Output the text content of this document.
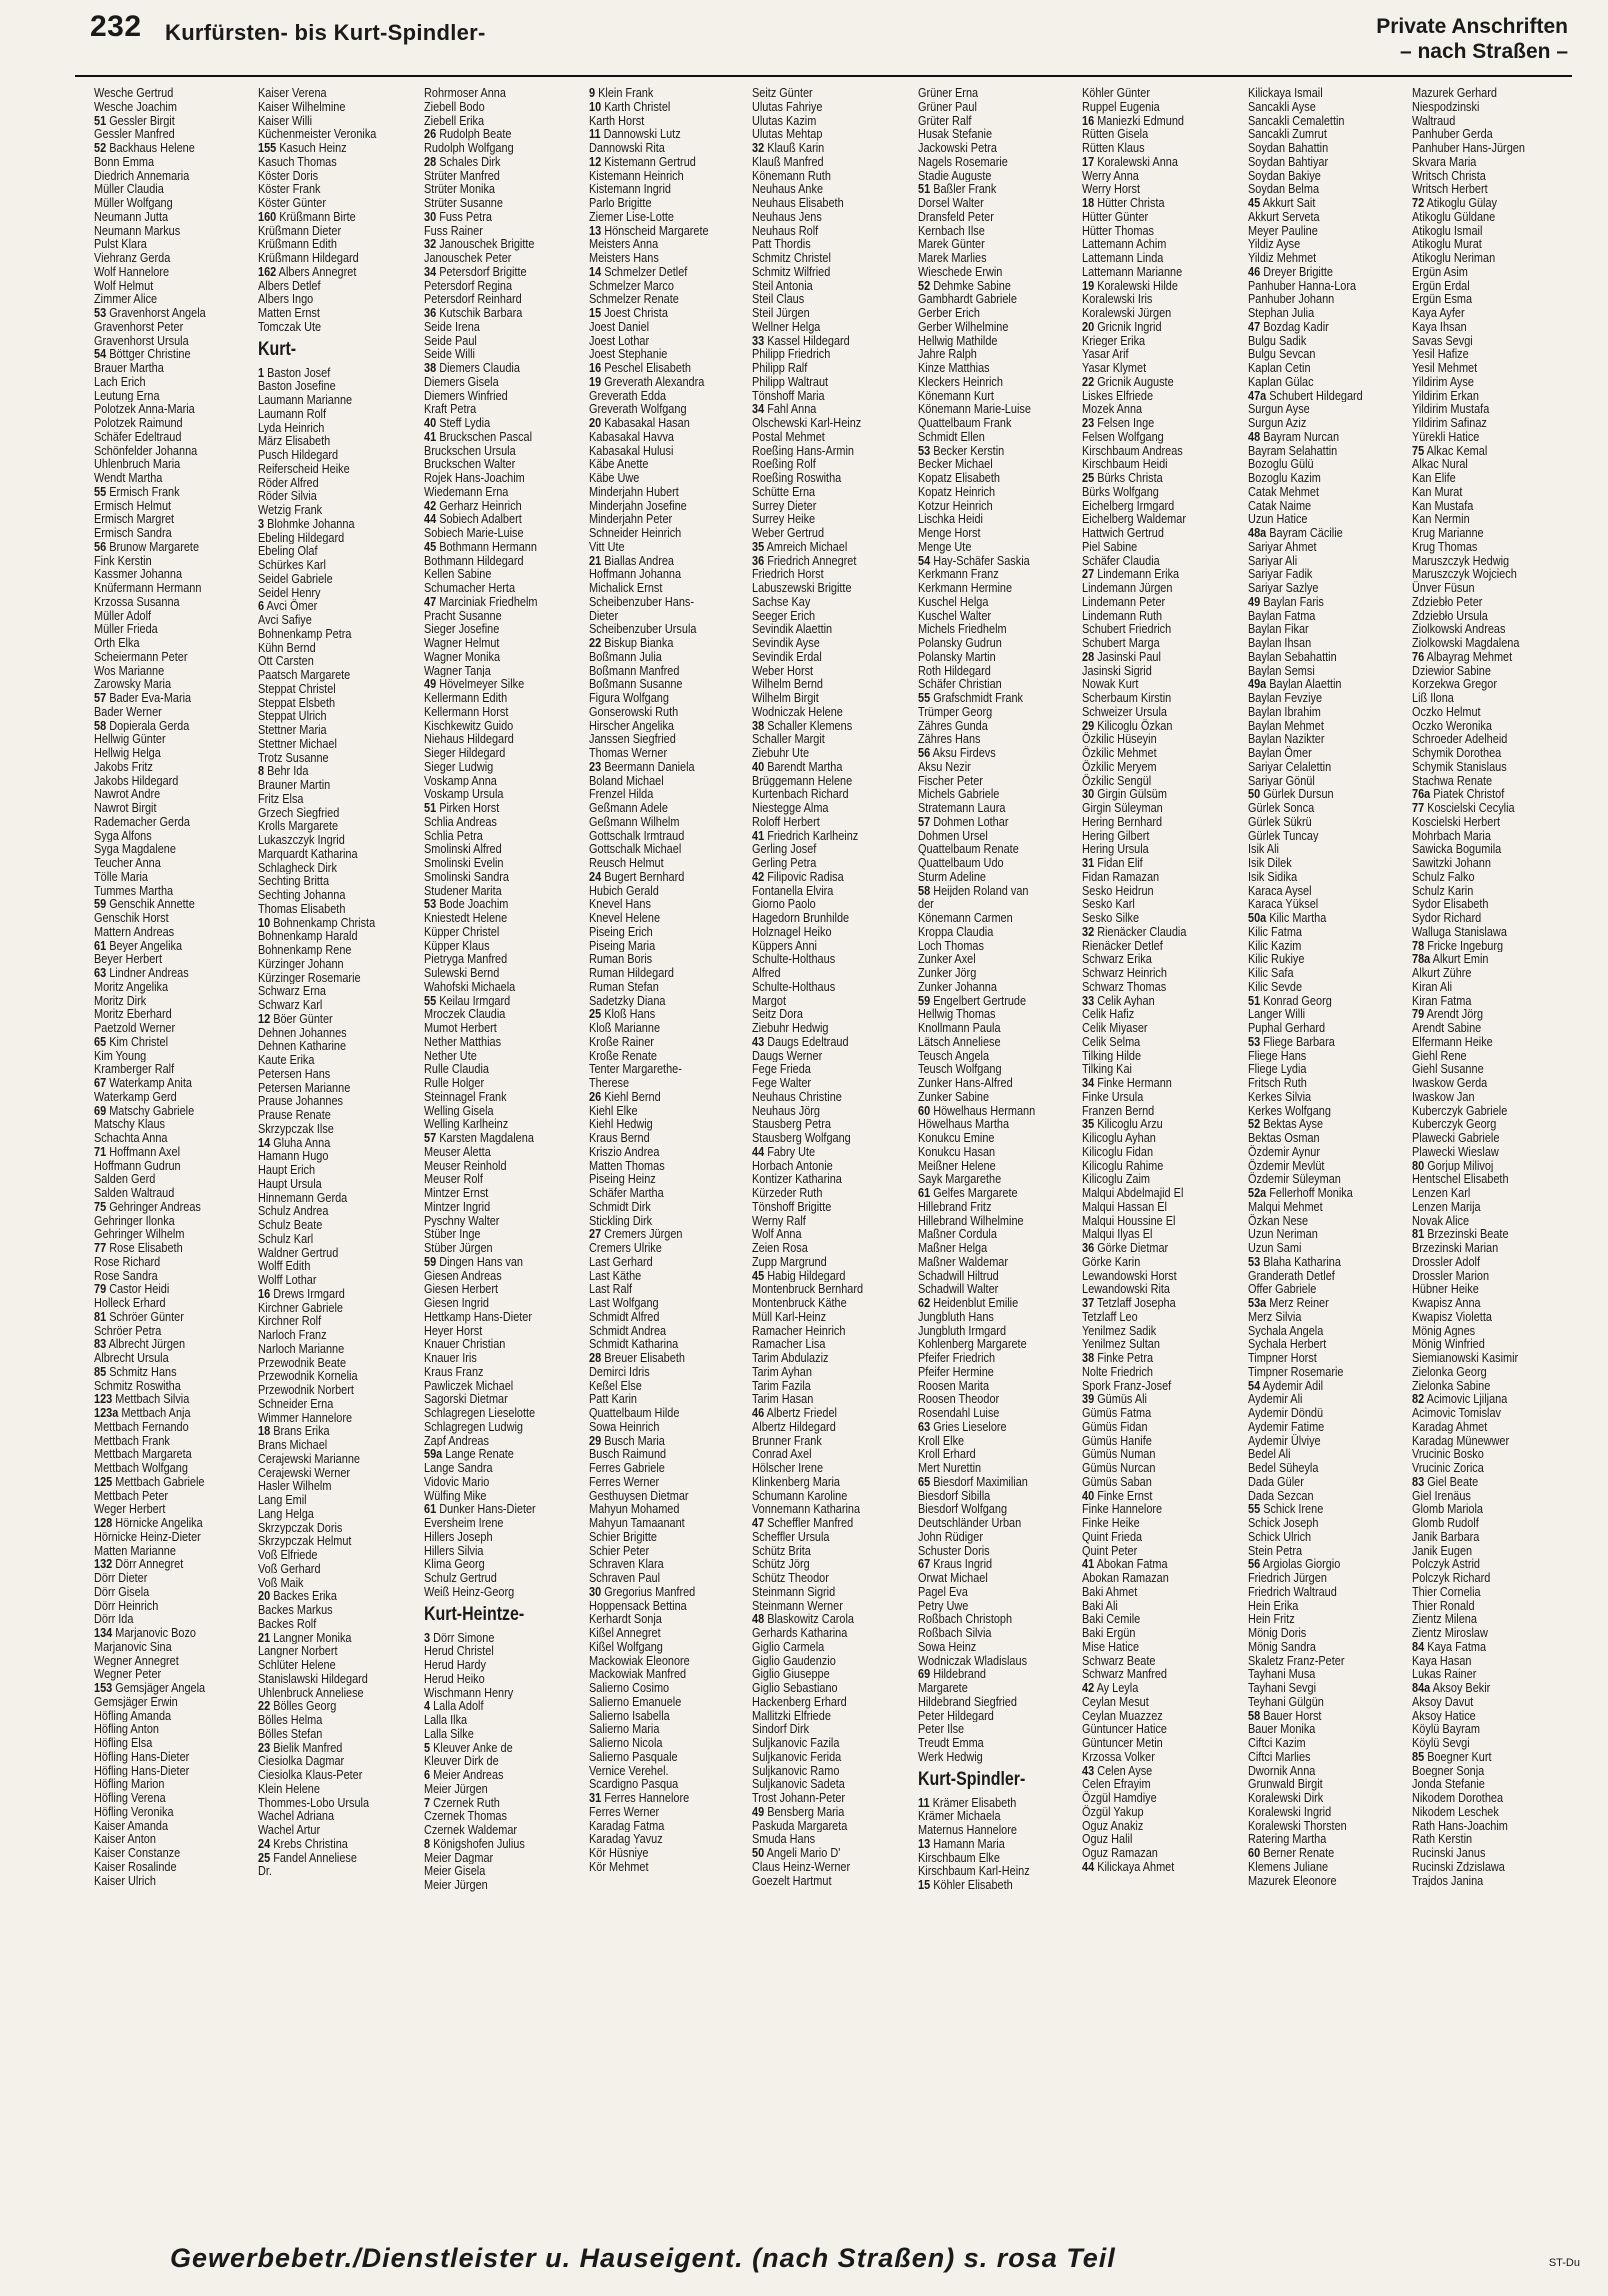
232 Kurfürsten- bis Kurt-Spindler-	Private Anschriften
– nach Straßen –
Wesche Gertrud
Wesche Joachim
51 Gessler Birgit
Gessler Manfred
52 Backhaus Helene
Bonn Emma
Diedrich Annemaria
Müller Claudia
Müller Wolfgang
Neumann Jutta
Neumann Markus
Pulst Klara
Viehranz Gerda
Wolf Hannelore
Wolf Helmut
Zimmer Alice
53 Gravenhorst Angela
Gravenhorst Peter
Gravenhorst Ursula
54 Böttger Christine
Brauer Martha
Lach Erich
Leutung Erna
Polotzek Anna-Maria
Polotzek Raimund
Schäfer Edeltraud
Schönfelder Johanna
Uhlenbruch Maria
Wendt Martha
55 Ermisch Frank
Ermisch Helmut
Ermisch Margret
Ermisch Sandra
56 Brunow Margarete
Fink Kerstin
Kassmer Johanna
Knüfermann Hermann
Krzossa Susanna
Müller Adolf
Müller Frieda
Orth Elka
Scheiermann Peter
Wos Marianne
Zarowsky Maria
57 Bader Eva-Maria
Bader Werner
58 Dopierala Gerda
Hellwig Günter
Hellwig Helga
Jakobs Fritz
Jakobs Hildegard
Nawrot Andre
Nawrot Birgit
Rademacher Gerda
Syga Alfons
Syga Magdalene
Teucher Anna
Tölle Maria
Tummes Martha
59 Genschik Annette
Genschik Horst
Mattern Andreas
61 Beyer Angelika
Beyer Herbert
63 Lindner Andreas
Moritz Angelika
Moritz Dirk
Moritz Eberhard
Paetzold Werner
65 Kim Christel
Kim Young
Kramberger Ralf
67 Waterkamp Anita
Waterkamp Gerd
69 Matschy Gabriele
Matschy Klaus
Schachta Anna
71 Hoffmann Axel
Hoffmann Gudrun
Salden Gerd
Salden Waltraud
75 Gehringer Andreas
Gehringer Ilonka
Gehringer Wilhelm
77 Rose Elisabeth
Rose Richard
Rose Sandra
79 Castor Heidi
Holleck Erhard
81 Schröer Günter
Schröer Petra
83 Albrecht Jürgen
Albrecht Ursula
85 Schmitz Hans
Schmitz Roswitha
123 Mettbach Silvia
123a Mettbach Anja
Mettbach Fernando
Mettbach Frank
Mettbach Margareta
Mettbach Wolfgang
125 Mettbach Gabriele
Mettbach Peter
Weger Herbert
128 Hörnicke Angelika
Hörnicke Heinz-Dieter
Matten Marianne
132 Dörr Annegret
Dörr Dieter
Dörr Gisela
Dörr Heinrich
Dörr Ida
134 Marjanovic Bozo
Marjanovic Sina
Wegner Annegret
Wegner Peter
153 Gemsjäger Angela
Gemsjäger Erwin
Höfling Amanda
Höfling Anton
Höfling Elsa
Höfling Hans-Dieter
Höfling Hans-Dieter
Höfling Marion
Höfling Verena
Höfling Veronika
Kaiser Amanda
Kaiser Anton
Kaiser Constanze
Kaiser Rosalinde
Kaiser Ulrich
Kaiser Verena
Kaiser Wilhelmine
Kaiser Willi
Küchenmeister Veronika
155 Kasuch Heinz
Kasuch Thomas
Köster Doris
Köster Frank
Köster Günter
160 Krüßmann Birte
Krüßmann Dieter
Krüßmann Edith
Krüßmann Hildegard
162 Albers Annegret
Albers Detlef
Albers Ingo
Matten Ernst
Tomczak Ute
Kurt-
1 Baston Josef
Baston Josefine
Laumann Marianne
Laumann Rolf
Lyda Heinrich
März Elisabeth
Pusch Hildegard
Reiferscheid Heike
Röder Alfred
Röder Silvia
Wetzig Frank
3 Blohmke Johanna
Ebeling Hildegard
Ebeling Olaf
Schürkes Karl
Seidel Gabriele
Seidel Henry
6 Avci Ömer
Avci Safiye
Bohnenkamp Petra
Kühn Bernd
Ott Carsten
Paatsch Margarete
Steppat Christel
Steppat Elsbeth
Steppat Ulrich
Stettner Maria
Stettner Michael
Trotz Susanne
8 Behr Ida
Brauner Martin
Fritz Elsa
Grzech Siegfried
Krolls Margarete
Lukaszczyk Ingrid
Marquardt Katharina
Schlagheck Dirk
Sechting Britta
Sechting Johanna
Thomas Elisabeth
10 Bohnenkamp Christa
Bohnenkamp Harald
Bohnenkamp Rene
Kürzinger Johann
Kürzinger Rosemarie
Schwarz Erna
Schwarz Karl
12 Böer Günter
Dehnen Johannes
Dehnen Katharine
Kaute Erika
Petersen Hans
Petersen Marianne
Prause Johannes
Prause Renate
Skrzypczak Ilse
14 Gluha Anna
Hamann Hugo
Haupt Erich
Haupt Ursula
Hinnemann Gerda
Schulz Andrea
Schulz Beate
Schulz Karl
Waldner Gertrud
Wolff Edith
Wolff Lothar
16 Drews Irmgard
Kirchner Gabriele
Kirchner Rolf
Narloch Franz
Narloch Marianne
Przewodnik Beate
Przewodnik Kornelia
Przewodnik Norbert
Schneider Erna
Wimmer Hannelore
18 Brans Erika
Brans Michael
Cerajewski Marianne
Cerajewski Werner
Hasler Wilhelm
Lang Emil
Lang Helga
Skrzypczak Doris
Skrzypczak Helmut
Voß Elfriede
Voß Gerhard
Voß Maik
20 Backes Erika
Backes Markus
Backes Rolf
21 Langner Monika
Langner Norbert
Schlüter Helene
Stanislawski Hildegard
Uhlenbruck Anneliese
22 Bölles Georg
Bölles Helma
Bölles Stefan
23 Bielik Manfred
Ciesiolka Dagmar
Ciesiolka Klaus-Peter
Klein Helene
Thommes-Lobo Ursula
Wachel Adriana
Wachel Artur
24 Krebs Christina
25 Fandel Anneliese
Dr.
Rohrmoser Anna
Ziebell Bodo
Ziebell Erika
26 Rudolph Beate
Rudolph Wolfgang
28 Schales Dirk
Strüter Manfred
Strüter Monika
Strüter Susanne
30 Fuss Petra
Fuss Rainer
32 Janouschek Brigitte
Janouschek Peter
34 Petersdorf Brigitte
Petersdorf Regina
Petersdorf Reinhard
36 Kutschik Barbara
Seide Irena
Seide Paul
Seide Willi
38 Diemers Claudia
Diemers Gisela
Diemers Winfried
Kraft Petra
40 Steff Lydia
41 Bruckschen Pascal
Bruckschen Ursula
Bruckschen Walter
Rojek Hans-Joachim
Wiedemann Erna
42 Gerharz Heinrich
44 Sobiech Adalbert
Sobiech Marie-Luise
45 Bothmann Hermann
Bothmann Hildegard
Kellen Sabine
Schumacher Herta
47 Marciniak Friedhelm
Pracht Susanne
Sieger Josefine
Wagner Helmut
Wagner Monika
Wagner Tanja
49 Hövelmeyer Silke
Kellermann Edith
Kellermann Horst
Kischkewitz Guido
Niehaus Hildegard
Sieger Hildegard
Sieger Ludwig
Voskamp Anna
Voskamp Ursula
51 Pirken Horst
Schlia Andreas
Schlia Petra
Smolinski Alfred
Smolinski Evelin
Smolinski Sandra
Studener Marita
53 Bode Joachim
Kniestedt Helene
Küpper Christel
Küpper Klaus
Pietryga Manfred
Sulewski Bernd
Wahofski Michaela
55 Keilau Irmgard
Mroczek Claudia
Mumot Herbert
Nether Matthias
Nether Ute
Rulle Claudia
Rulle Holger
Steinnagel Frank
Welling Gisela
Welling Karlheinz
57 Karsten Magdalena
Meuser Aletta
Meuser Reinhold
Meuser Rolf
Mintzer Ernst
Mintzer Ingrid
Pyschny Walter
Stüber Inge
Stüber Jürgen
59 Dingen Hans van
Giesen Andreas
Giesen Herbert
Giesen Ingrid
Hettkamp Hans-Dieter
Heyer Horst
Knauer Christian
Knauer Iris
Kraus Franz
Pawliczek Michael
Sagorski Dietmar
Schlagregen Lieselotte
Schlagregen Ludwig
Zapf Andreas
59a Lange Renate
Lange Sandra
Vidovic Mario
Wülfing Mike
61 Dunker Hans-Dieter
Eversheim Irene
Hillers Joseph
Hillers Silvia
Klima Georg
Schulz Gertrud
Weiß Heinz-Georg
Kurt-Heintze-
3 Dörr Simone
Herud Christel
Herud Hardy
Herud Heiko
Wischmann Henry
4 Lalla Adolf
Lalla Ilka
Lalla Silke
5 Kleuver Anke de
Kleuver Dirk de
6 Meier Andreas
Meier Jürgen
7 Czernek Ruth
Czernek Thomas
Czernek Waldemar
8 Königshofen Julius
Meier Dagmar
Meier Gisela
Meier Jürgen
9 Klein Frank
10 Karth Christel
Karth Horst
11 Dannowski Lutz
Dannowski Rita
12 Kistemann Gertrud
Kistemann Heinrich
Kistemann Ingrid
Parlo Brigitte
Ziemer Lise-Lotte
13 Hönscheid Margarete
Meisters Anna
Meisters Hans
14 Schmelzer Detlef
Schmelzer Marco
Schmelzer Renate
15 Joest Christa
Joest Daniel
Joest Lothar
Joest Stephanie
16 Peschel Elisabeth
19 Greverath Alexandra
Greverath Edda
Greverath Wolfgang
20 Kabasakal Hasan
Kabasakal Havva
Kabasakal Hulusi
Käbe Anette
Käbe Uwe
Minderjahn Hubert
Minderjahn Josefine
Minderjahn Peter
Schneider Heinrich
Vitt Ute
21 Biallas Andrea
Hoffmann Johanna
Michalick Ernst
Scheibenzuber Hans-
Dieter
Scheibenzuber Ursula
22 Biskup Bianka
Boßmann Julia
Boßmann Manfred
Boßmann Susanne
Figura Wolfgang
Gonserowski Ruth
Hirscher Angelika
Janssen Siegfried
Thomas Werner
23 Beermann Daniela
Boland Michael
Frenzel Hilda
Geßmann Adele
Geßmann Wilhelm
Gottschalk Irmtraud
Gottschalk Michael
Reusch Helmut
24 Bugert Bernhard
Hubich Gerald
Knevel Hans
Knevel Helene
Piseing Erich
Piseing Maria
Ruman Boris
Ruman Hildegard
Ruman Stefan
Sadetzky Diana
25 Kloß Hans
Kloß Marianne
Kroße Rainer
Kroße Renate
Tenter Margarethe-
Therese
26 Kiehl Bernd
Kiehl Elke
Kiehl Hedwig
Kraus Bernd
Kriszio Andrea
Matten Thomas
Piseing Heinz
Schäfer Martha
Schmidt Dirk
Stickling Dirk
27 Cremers Jürgen
Cremers Ulrike
Last Gerhard
Last Käthe
Last Ralf
Last Wolfgang
Schmidt Alfred
Schmidt Andrea
Schmidt Katharina
28 Breuer Elisabeth
Demirci Idris
Keßel Else
Patt Karin
Quattelbaum Hilde
Sowa Heinrich
29 Busch Maria
Busch Raimund
Ferres Gabriele
Ferres Werner
Gesthuysen Dietmar
Mahyun Mohamed
Mahyun Tamaanant
Schier Brigitte
Schier Peter
Schraven Klara
Schraven Paul
30 Gregorius Manfred
Hoppensack Bettina
Kerhardt Sonja
Kißel Annegret
Kißel Wolfgang
Mackowiak Eleonore
Mackowiak Manfred
Salierno Cosimo
Salierno Emanuele
Salierno Isabella
Salierno Maria
Salierno Nicola
Salierno Pasquale
Vernice Verehel.
Scardigno Pasqua
31 Ferres Hannelore
Ferres Werner
Karadag Fatma
Karadag Yavuz
Kör Hüsniye
Kör Mehmet
Seitz Günter
Ulutas Fahriye
Ulutas Kazim
Ulutas Mehtap
32 Klauß Karin
Klauß Manfred
Könemann Ruth
Neuhaus Anke
Neuhaus Elisabeth
Neuhaus Jens
Neuhaus Rolf
Patt Thordis
Schmitz Christel
Schmitz Wilfried
Steil Antonia
Steil Claus
Steil Jürgen
Wellner Helga
33 Kassel Hildegard
Philipp Friedrich
Philipp Ralf
Philipp Waltraut
Tönshoff Maria
34 Fahl Anna
Olschewski Karl-Heinz
Postal Mehmet
Roeßing Hans-Armin
Roeßing Rolf
Roeßing Roswitha
Schütte Erna
Surrey Dieter
Surrey Heike
Weber Gertrud
35 Amreich Michael
36 Friedrich Annegret
Friedrich Horst
Labuszewski Brigitte
Sachse Kay
Seeger Erich
Sevindik Alaettin
Sevindik Ayse
Sevindik Erdal
Weber Horst
Wilhelm Bernd
Wilhelm Birgit
Wodniczak Helene
38 Schaller Klemens
Schaller Margit
Ziebuhr Ute
40 Barendt Martha
Brüggemann Helene
Kurtenbach Richard
Niestegge Alma
Roloff Herbert
41 Friedrich Karlheinz
Gerling Josef
Gerling Petra
42 Filipovic Radisa
Fontanella Elvira
Giorno Paolo
Hagedorn Brunhilde
Holznagel Heiko
Küppers Anni
Schulte-Holthaus
Alfred
Schulte-Holthaus
Margot
Seitz Dora
Ziebuhr Hedwig
43 Daugs Edeltraud
Daugs Werner
Fege Frieda
Fege Walter
Neuhaus Christine
Neuhaus Jörg
Stausberg Petra
Stausberg Wolfgang
44 Fabry Ute
Horbach Antonie
Kontizer Katharina
Kürzeder Ruth
Tönshoff Brigitte
Werny Ralf
Wolf Anna
Zeien Rosa
Zupp Margrund
45 Habig Hildegard
Montenbruck Bernhard
Montenbruck Käthe
Müll Karl-Heinz
Ramacher Heinrich
Ramacher Lisa
Tarim Abdulaziz
Tarim Ayhan
Tarim Fazila
Tarim Hasan
46 Albertz Friedel
Albertz Hildegard
Brunner Frank
Conrad Axel
Hölscher Irene
Klinkenberg Maria
Schumann Karoline
Vonnemann Katharina
47 Scheffler Manfred
Scheffler Ursula
Schütz Brita
Schütz Jörg
Schütz Theodor
Steinmann Sigrid
Steinmann Werner
48 Blaskowitz Carola
Gerhards Katharina
Giglio Carmela
Giglio Gaudenzio
Giglio Giuseppe
Giglio Sebastiano
Hackenberg Erhard
Mallitzki Elfriede
Sindorf Dirk
Suljkanovic Fazila
Suljkanovic Ferida
Suljkanovic Ramo
Suljkanovic Sadeta
Trost Johann-Peter
49 Bensberg Maria
Paskuda Margareta
Smuda Hans
50 Angeli Mario D'
Claus Heinz-Werner
Goezelt Hartmut
Grüner Erna
Grüner Paul
Grüter Ralf
Husak Stefanie
Jackowski Petra
Nagels Rosemarie
Stadie Auguste
51 Baßler Frank
Dorsel Walter
Dransfeld Peter
Kernbach Ilse
Marek Günter
Marek Marlies
Wieschede Erwin
52 Dehmke Sabine
Gambhardt Gabriele
Gerber Erich
Gerber Wilhelmine
Hellwig Mathilde
Jahre Ralph
Kinze Matthias
Kleckers Heinrich
Könemann Kurt
Könemann Marie-Luise
Quattelbaum Frank
Schmidt Ellen
53 Becker Kerstin
Becker Michael
Kopatz Elisabeth
Kopatz Heinrich
Kotzur Heinrich
Lischka Heidi
Menge Horst
Menge Ute
54 Hay-Schäfer Saskia
Kerkmann Franz
Kerkmann Hermine
Kuschel Helga
Kuschel Walter
Michels Friedhelm
Polansky Gudrun
Polansky Martin
Roth Hildegard
Schäfer Christian
55 Grafschmidt Frank
Trümper Georg
Zähres Gunda
Zähres Hans
56 Aksu Firdevs
Aksu Nezir
Fischer Peter
Michels Gabriele
Stratemann Laura
57 Dohmen Lothar
Dohmen Ursel
Quattelbaum Renate
Quattelbaum Udo
Sturm Adeline
58 Heijden Roland van
der
Könemann Carmen
Kroppa Claudia
Loch Thomas
Zunker Axel
Zunker Jörg
Zunker Johanna
59 Engelbert Gertrude
Hellwig Thomas
Knollmann Paula
Lätsch Anneliese
Teusch Angela
Teusch Wolfgang
Zunker Hans-Alfred
Zunker Sabine
60 Höwelhaus Hermann
Höwelhaus Martha
Konukcu Emine
Konukcu Hasan
Meißner Helene
Sayk Margarethe
61 Gelfes Margarete
Hillebrand Fritz
Hillebrand Wilhelmine
Maßner Cordula
Maßner Helga
Maßner Waldemar
Schadwill Hiltrud
Schadwill Walter
62 Heidenblut Emilie
Jungbluth Hans
Jungbluth Irmgard
Kohlenberg Margarete
Pfeifer Friedrich
Pfeifer Hermine
Roosen Marita
Roosen Theodor
Rosendahl Luise
63 Gries Lieselore
Kroll Elke
Kroll Erhard
Mert Nurettin
65 Biesdorf Maximilian
Biesdorf Sibilla
Biesdorf Wolfgang
Deutschländer Urban
John Rüdiger
Schuster Doris
67 Kraus Ingrid
Orwat Michael
Pagel Eva
Petry Uwe
Roßbach Christoph
Roßbach Silvia
Sowa Heinz
Wodniczak Wladislaus
69 Hildebrand
Margarete
Hildebrand Siegfried
Peter Hildegard
Peter Ilse
Treudt Emma
Werk Hedwig
Kurt-Spindler-
11 Krämer Elisabeth
Krämer Michaela
Maternus Hannelore
13 Hamann Maria
Kirschbaum Elke
Kirschbaum Karl-Heinz
15 Köhler Elisabeth
Köhler Günter
Ruppel Eugenia
16 Maniezki Edmund
Rütten Gisela
Rütten Klaus
17 Koralewski Anna
Werry Anna
Werry Horst
18 Hütter Christa
Hütter Günter
Hütter Thomas
Lattemann Achim
Lattemann Linda
Lattemann Marianne
19 Koralewski Hilde
Koralewski Iris
Koralewski Jürgen
20 Gricnik Ingrid
Krieger Erika
Yasar Arif
Yasar Klymet
22 Gricnik Auguste
Liskes Elfriede
Mozek Anna
23 Felsen Inge
Felsen Wolfgang
Kirschbaum Andreas
Kirschbaum Heidi
25 Bürks Christa
Bürks Wolfgang
Eichelberg Irmgard
Eichelberg Waldemar
Hattwich Gertrud
Piel Sabine
Schäfer Claudia
27 Lindemann Erika
Lindemann Jürgen
Lindemann Peter
Lindemann Ruth
Schubert Friedrich
Schubert Marga
28 Jasinski Paul
Jasinski Sigrid
Nowak Kurt
Scherbaum Kirstin
Schweizer Ursula
29 Kilicoglu Özkan
Özkilic Hüseyin
Özkilic Mehmet
Özkilic Meryem
Özkilic Sengül
30 Girgin Gülsüm
Girgin Süleyman
Hering Bernhard
Hering Gilbert
Hering Ursula
31 Fidan Elif
Fidan Ramazan
Sesko Heidrun
Sesko Karl
Sesko Silke
32 Rienäcker Claudia
Rienäcker Detlef
Schwarz Erika
Schwarz Heinrich
Schwarz Thomas
33 Celik Ayhan
Celik Hafiz
Celik Miyaser
Celik Selma
Tilking Hilde
Tilking Kai
34 Finke Hermann
Finke Ursula
Franzen Bernd
35 Kilicoglu Arzu
Kilicoglu Ayhan
Kilicoglu Fidan
Kilicoglu Rahime
Kilicoglu Zaim
Malqui Abdelmajid El
Malqui Hassan El
Malqui Houssine El
Malqui Ilyas El
36 Görke Dietmar
Görke Karin
Lewandowski Horst
Lewandowski Rita
37 Tetzlaff Josepha
Tetzlaff Leo
Yenilmez Sadik
Yenilmez Sultan
38 Finke Petra
Nolte Friedrich
Spork Franz-Josef
39 Gümüs Ali
Gümüs Fatma
Gümüs Fidan
Gümüs Hanife
Gümüs Numan
Gümüs Nurcan
Gümüs Saban
40 Finke Ernst
Finke Hannelore
Finke Heike
Quint Frieda
Quint Peter
41 Abokan Fatma
Abokan Ramazan
Baki Ahmet
Baki Ali
Baki Cemile
Baki Ergün
Mise Hatice
Schwarz Beate
Schwarz Manfred
42 Ay Leyla
Ceylan Mesut
Ceylan Muazzez
Güntuncer Hatice
Güntuncer Metin
Krzossa Volker
43 Celen Ayse
Celen Efrayim
Özgül Hamdiye
Özgül Yakup
Oguz Anakiz
Oguz Halil
Oguz Ramazan
44 Kilickaya Ahmet
Kilickaya Ismail
Sancakli Ayse
Sancakli Cemalettin
Sancakli Zumrut
Soydan Bahattin
Soydan Bahtiyar
Soydan Bakiye
Soydan Belma
45 Akkurt Sait
Akkurt Serveta
Meyer Pauline
Yildiz Ayse
Yildiz Mehmet
46 Dreyer Brigitte
Panhuber Hanna-Lora
Panhuber Johann
Stephan Julia
47 Bozdag Kadir
Bulgu Sadik
Bulgu Sevcan
Kaplan Cetin
Kaplan Gülac
47a Schubert Hildegard
Surgun Ayse
Surgun Aziz
48 Bayram Nurcan
Bayram Selahattin
Bozoglu Gülü
Bozoglu Kazim
Catak Mehmet
Catak Naime
Uzun Hatice
48a Bayram Cäcilie
Sariyar Ahmet
Sariyar Ali
Sariyar Fadik
Sariyar Sazlye
49 Baylan Faris
Baylan Fatma
Baylan Fikar
Baylan Ihsan
Baylan Sebahattin
Baylan Semsi
49a Baylan Alaettin
Baylan Fevziye
Baylan Ibrahim
Baylan Mehmet
Baylan Nazikter
Baylan Ömer
Sariyar Celalettin
Sariyar Gönül
50 Gürlek Dursun
Gürlek Sonca
Gürlek Sükrü
Gürlek Tuncay
Isik Ali
Isik Dilek
Isik Sidika
Karaca Aysel
Karaca Yüksel
50a Kilic Martha
Kilic Fatma
Kilic Kazim
Kilic Rukiye
Kilic Safa
Kilic Sevde
51 Konrad Georg
Langer Willi
Puphal Gerhard
53 Fliege Barbara
Fliege Hans
Fliege Lydia
Fritsch Ruth
Kerkes Silvia
Kerkes Wolfgang
52 Bektas Ayse
Bektas Osman
Özdemir Aynur
Özdemir Mevlüt
Özdemir Süleyman
52a Fellerhoff Monika
Malqui Mehmet
Özkan Nese
Uzun Neriman
Uzun Sami
53 Blaha Katharina
Granderath Detlef
Offer Gabriele
53a Merz Reiner
Merz Silvia
Sychala Angela
Sychala Herbert
Timpner Horst
Timpner Rosemarie
54 Aydemir Adil
Aydemir Ali
Aydemir Döndü
Aydemir Fatime
Aydemir Ülviye
Bedel Ali
Bedel Süheyla
Dada Güler
Dada Sezcan
55 Schick Irene
Schick Joseph
Schick Ulrich
Stein Petra
56 Argiolas Giorgio
Friedrich Jürgen
Friedrich Waltraud
Hein Erika
Hein Fritz
Mönig Doris
Mönig Sandra
Skaletz Franz-Peter
Tayhani Musa
Tayhani Sevgi
Teyhani Gülgün
58 Bauer Horst
Bauer Monika
Ciftci Kazim
Ciftci Marlies
Dwornik Anna
Grunwald Birgit
Koralewski Dirk
Koralewski Ingrid
Koralewski Thorsten
Ratering Martha
60 Berner Renate
Klemens Juliane
Mazurek Eleonore
Mazurek Gerhard
Niespodzinski
Waltraud
Panhuber Gerda
Panhuber Hans-Jürgen
Skvara Maria
Writsch Christa
Writsch Herbert
72 Atikoglu Gülay
Atikoglu Güldane
Atikoglu Ismail
Atikoglu Murat
Atikoglu Neriman
Ergün Asim
Ergün Erdal
Ergün Esma
Kaya Ayfer
Kaya Ihsan
Savas Sevgi
Yesil Hafize
Yesil Mehmet
Yildirim Ayse
Yildirim Erkan
Yildirim Mustafa
Yildirim Safinaz
Yürekli Hatice
75 Alkac Kemal
Alkac Nural
Kan Elife
Kan Murat
Kan Mustafa
Kan Nermin
Krug Marianne
Krug Thomas
Maruszczyk Hedwig
Maruszczyk Wojciech
Ünver Füsun
Zdziebło Peter
Zdziebło Ursula
Ziolkowski Andreas
Ziolkowski Magdalena
76 Albayrag Mehmet
Dziewior Sabine
Korzekwa Gregor
Liß Ilona
Oczko Helmut
Oczko Weronika
Schroeder Adelheid
Schymik Dorothea
Schymik Stanislaus
Stachwa Renate
76a Piatek Christof
77 Koscielski Cecylia
Koscielski Herbert
Mohrbach Maria
Sawicka Bogumila
Sawitzki Johann
Schulz Falko
Schulz Karin
Sydor Elisabeth
Sydor Richard
Walluga Stanislawa
78 Fricke Ingeburg
78a Alkurt Emin
Alkurt Zühre
Kiran Ali
Kiran Fatma
79 Arendt Jörg
Arendt Sabine
Elfermann Heike
Giehl Rene
Giehl Susanne
Iwaskow Gerda
Iwaskow Jan
Kuberczyk Gabriele
Kuberczyk Georg
Plawecki Gabriele
Plawecki Wieslaw
80 Gorjup Milivoj
Hentschel Elisabeth
Lenzen Karl
Lenzen Marija
Novak Alice
81 Brzezinski Beate
Brzezinski Marian
Drossler Adolf
Drossler Marion
Hübner Heike
Kwapisz Anna
Kwapisz Violetta
Mönig Agnes
Mönig Winfried
Siemianowski Kasimir
Zielonka Georg
Zielonka Sabine
82 Acimovic Ljiljana
Acimovic Tomislav
Karadag Ahmet
Karadag Münewwer
Vrucinic Bosko
Vrucinic Zorica
83 Giel Beate
Giel Irenäus
Glomb Mariola
Glomb Rudolf
Janik Barbara
Janik Eugen
Polczyk Astrid
Polczyk Richard
Thier Cornelia
Thier Ronald
Zientz Milena
Zientz Miroslaw
84 Kaya Fatma
Kaya Hasan
Lukas Rainer
84a Aksoy Bekir
Aksoy Davut
Aksoy Hatice
Köylü Bayram
Köylü Sevgi
85 Boegner Kurt
Boegner Sonja
Jonda Stefanie
Nikodem Dorothea
Nikodem Leschek
Rath Hans-Joachim
Rath Kerstin
Rucinski Janus
Rucinski Zdzislawa
Trajdos Janina
Gewerbebetr./Dienstleister u. Hauseigent. (nach Straßen) s. rosa Teil	ST-Du
